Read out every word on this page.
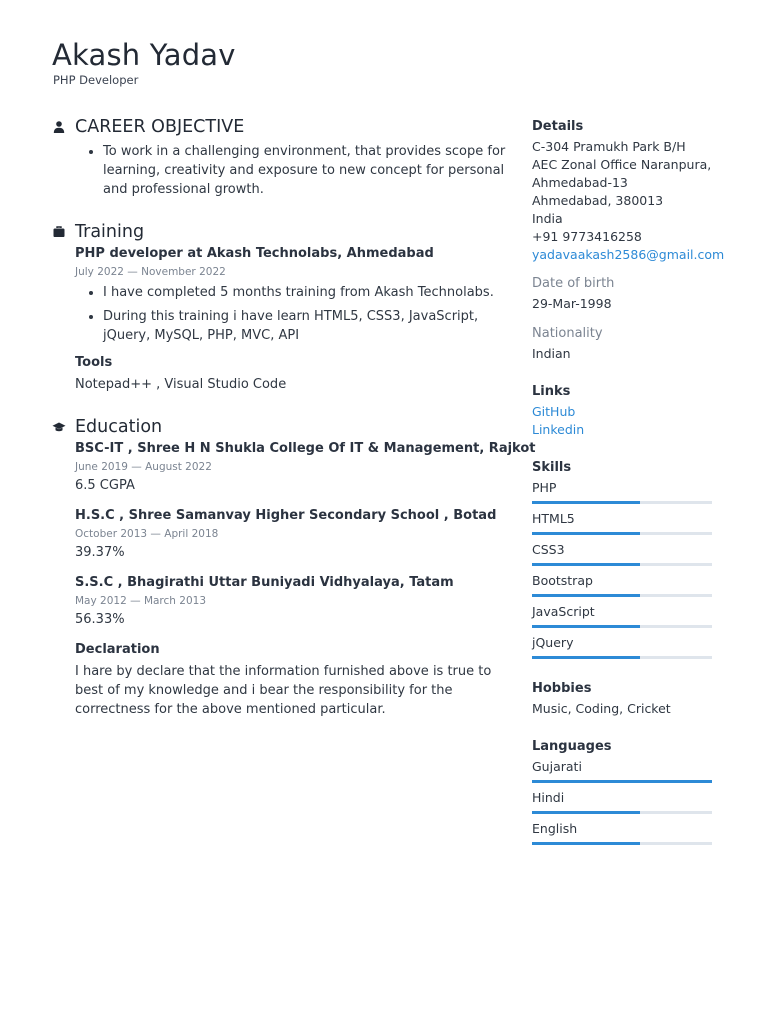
Akash Yadav
PHP Developer
CAREER OBJECTIVE
To work in a challenging environment, that provides scope for learning, creativity and exposure to new concept for personal and professional growth.
Training
PHP developer at Akash Technolabs, Ahmedabad
July 2022 — November 2022
I have completed 5 months training from Akash Technolabs.
During this training i have learn HTML5, CSS3, JavaScript, jQuery, MySQL, PHP, MVC, API
Tools
Notepad++ , Visual Studio Code
Education
BSC-IT , Shree H N Shukla College Of IT & Management, Rajkot
June 2019 — August 2022
6.5 CGPA
H.S.C , Shree Samanvay Higher Secondary School , Botad
October 2013 — April 2018
39.37%
S.S.C , Bhagirathi Uttar Buniyadi Vidhyalaya, Tatam
May 2012 — March 2013
56.33%
Declaration
I hare by declare that the information furnished above is true to best of my knowledge and i bear the responsibility for the correctness for the above mentioned particular.
Details
C-304 Pramukh Park B/H
AEC Zonal Office Naranpura,
Ahmedabad-13
Ahmedabad, 380013
India
+91 9773416258
yadavaakash2586@gmail.com
Date of birth
29-Mar-1998
Nationality
Indian
Links
GitHub
Linkedin
Skills
PHP
HTML5
CSS3
Bootstrap
JavaScript
jQuery
Hobbies
Music, Coding, Cricket
Languages
Gujarati
Hindi
English
